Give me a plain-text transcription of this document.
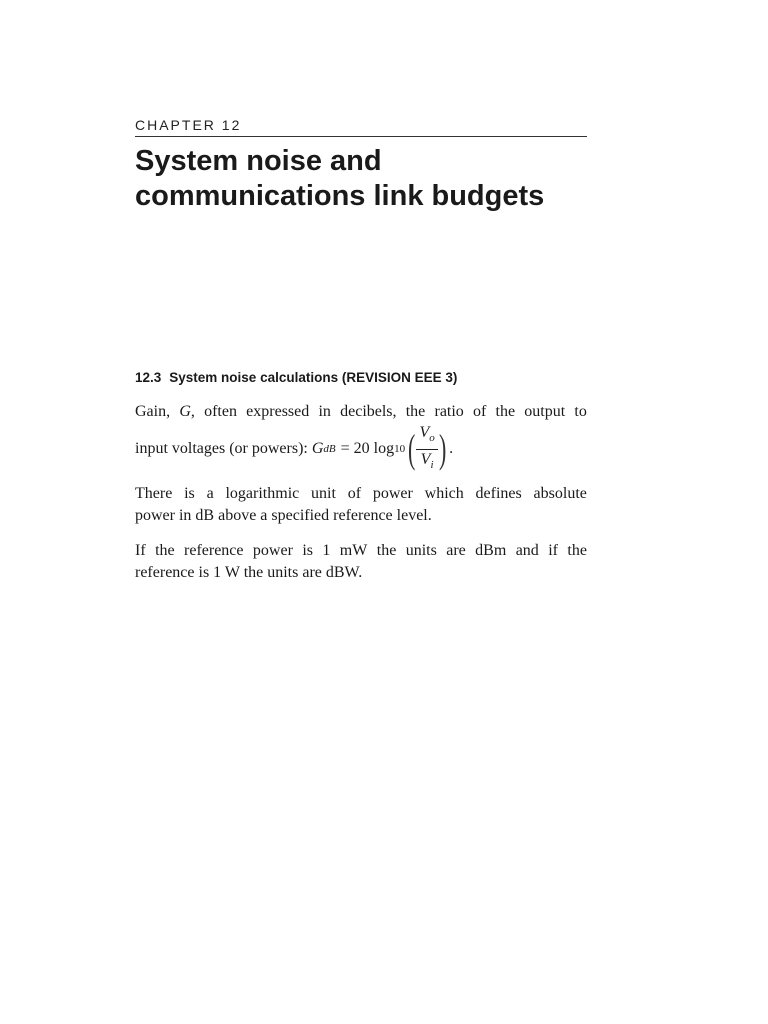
CHAPTER 12
System noise and
communications link budgets
12.3 System noise calculations (REVISION EEE 3)
Gain, G, often expressed in decibels, the ratio of the output to
input voltages (or powers): G dB = 20 log 10 ( $\frac{V_o}{V_i}$ ) .
There is a logarithmic unit of power which defines absolute
power in dB above a specified reference level.
If the reference power is 1 mW the units are dBm and if the
reference is 1 W the units are dBW.
